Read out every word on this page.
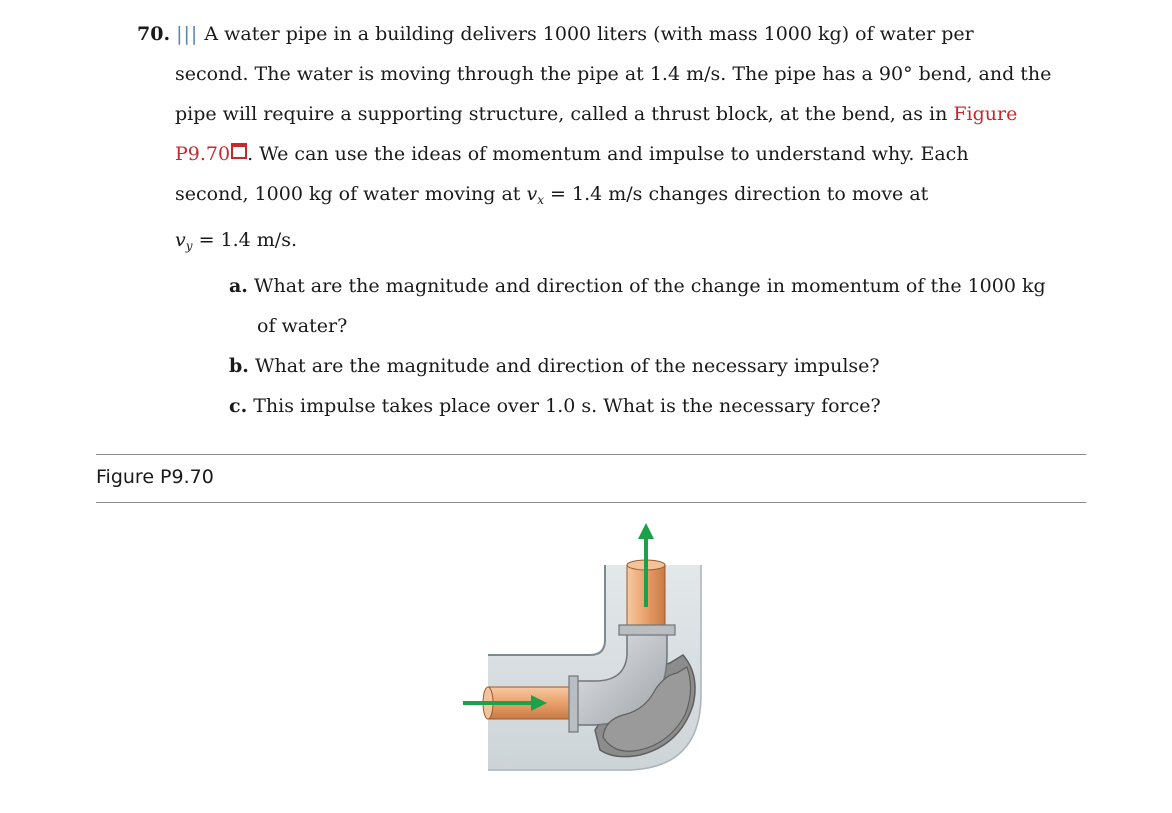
70. ||| A water pipe in a building delivers 1000 liters (with mass 1000 kg) of water per
second. The water is moving through the pipe at 1.4 m/s. The pipe has a 90° bend, and the
pipe will require a supporting structure, called a thrust block, at the bend, as in Figure
P9.70 . We can use the ideas of momentum and impulse to understand why. Each
second, 1000 kg of water moving at $v_x = 1.4$ m/s changes direction to move at
$v_y = 1.4$ m/s.
a. What are the magnitude and direction of the change in momentum of the 1000 kg
of water?
b. What are the magnitude and direction of the necessary impulse?
c. This impulse takes place over 1.0 s. What is the necessary force?
Figure P9.70
